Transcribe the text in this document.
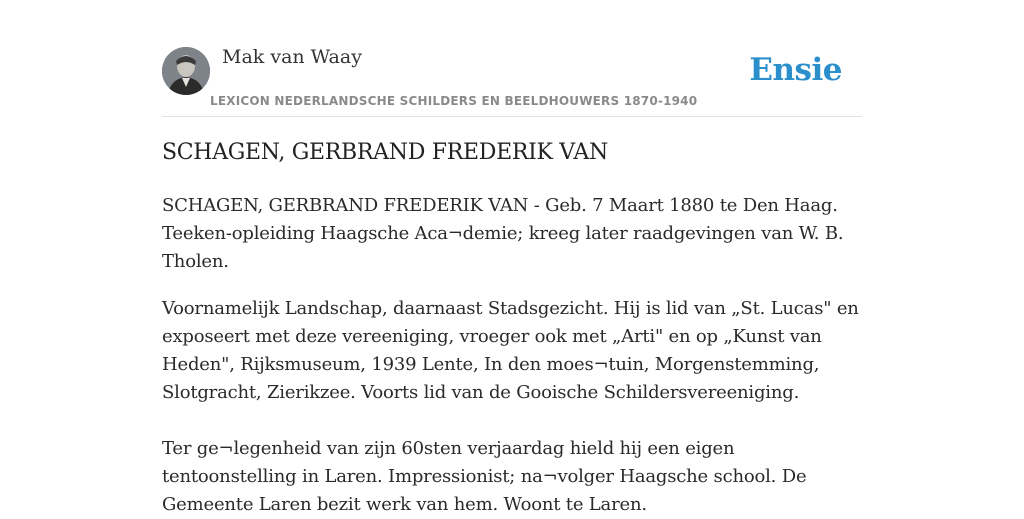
Mak van Waay
LEXICON NEDERLANDSCHE SCHILDERS EN BEELDHOUWERS 1870-1940
Ensie
SCHAGEN, GERBRAND FREDERIK VAN

SCHAGEN, GERBRAND FREDERIK VAN - Geb. 7 Maart 1880 te Den Haag. Teeken-opleiding Haagsche Aca¬demie; kreeg later raadgevingen van W. B. Tholen.

Voornamelijk Landschap, daarnaast Stadsgezicht. Hij is lid van „St. Lucas" en exposeert met deze vereeniging, vroeger ook met „Arti" en op „Kunst van Heden", Rijksmuseum, 1939 Lente, In den moes¬tuin, Morgenstemming, Slotgracht, Zierikzee. Voorts lid van de Gooische Schildersvereeniging.

Ter ge¬legenheid van zijn 60sten verjaardag hield hij een eigen tentoonstelling in Laren. Impressionist; na¬volger Haagsche school. De Gemeente Laren bezit werk van hem. Woont te Laren.
